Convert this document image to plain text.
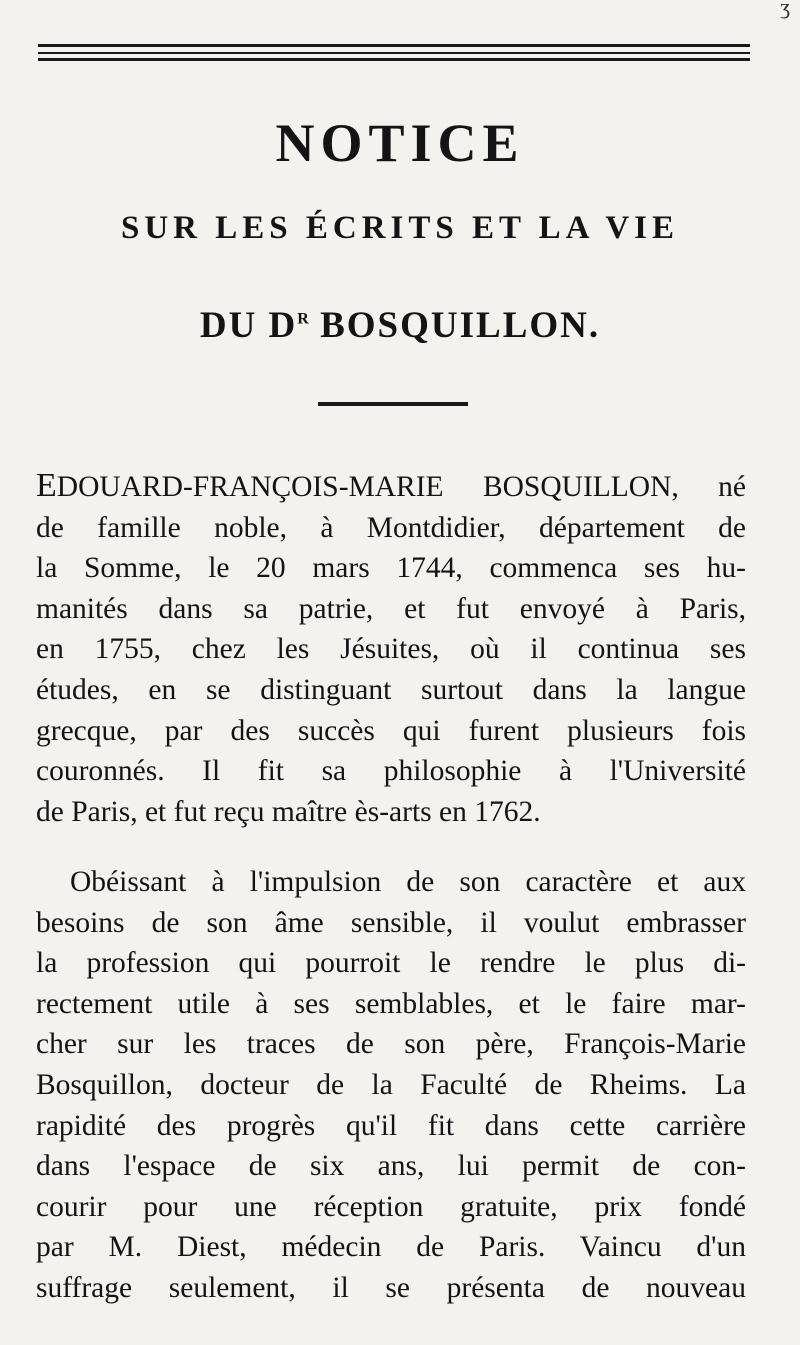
ʒ
NOTICE
SUR LES ÉCRITS ET LA VIE
DU $D^R$ BOSQUILLON.
EDOUARD-FRANÇOIS-MARIE BOSQUILLON, né
de famille noble, à Montdidier, département de
la Somme, le 20 mars 1744, commenca ses hu-
manités dans sa patrie, et fut envoyé à Paris,
en 1755, chez les Jésuites, où il continua ses
études, en se distinguant surtout dans la langue
grecque, par des succès qui furent plusieurs fois
couronnés. Il fit sa philosophie à l'Université
de Paris, et fut reçu maître ès-arts en 1762.
Obéissant à l'impulsion de son caractère et aux
besoins de son âme sensible, il voulut embrasser
la profession qui pourroit le rendre le plus di-
rectement utile à ses semblables, et le faire mar-
cher sur les traces de son père, François-Marie
Bosquillon, docteur de la Faculté de Rheims. La
rapidité des progrès qu'il fit dans cette carrière
dans l'espace de six ans, lui permit de con-
courir pour une réception gratuite, prix fondé
par M. Diest, médecin de Paris. Vaincu d'un
suffrage seulement, il se présenta de nouveau
